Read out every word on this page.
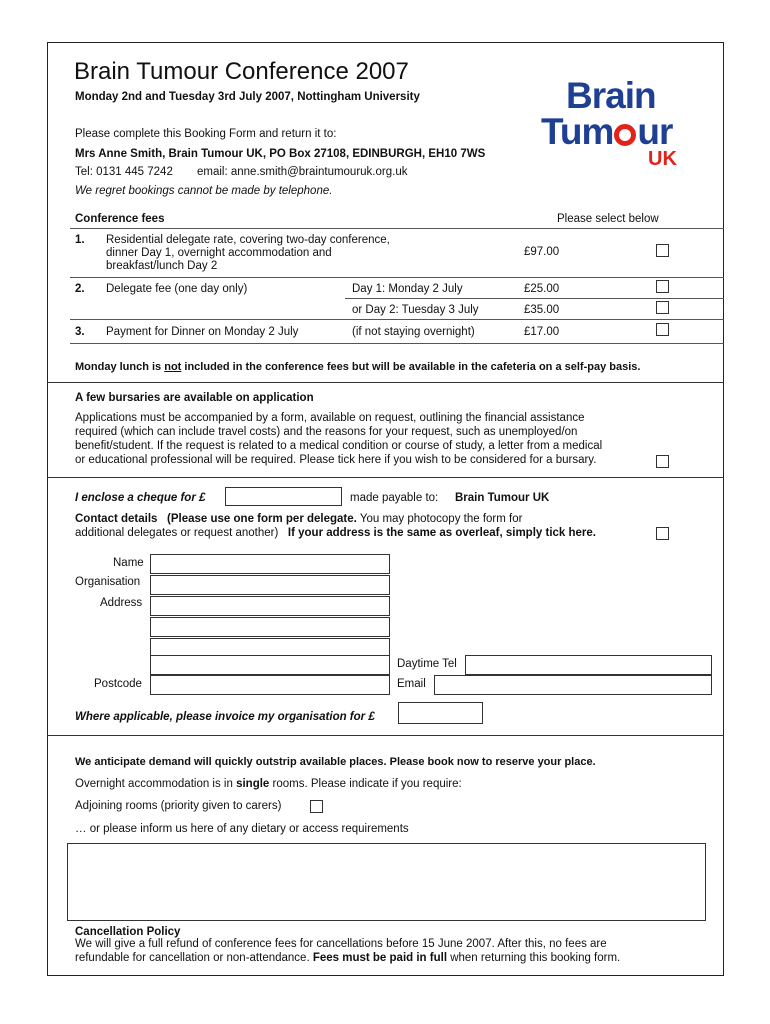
Brain Tumour Conference 2007
Monday 2nd and Tuesday 3rd July 2007, Nottingham University
Please complete this Booking Form and return it to:
Mrs Anne Smith, Brain Tumour UK, PO Box 27108, EDINBURGH, EH10 7WS
Tel: 0131 445 7242 email: anne.smith@braintumouruk.org.uk
We regret bookings cannot be made by telephone.
Brain
Tum ur
UK
Conference fees	Please select below
1. Residential delegate rate, covering two-day conference,
dinner Day 1, overnight accommodation and
breakfast/lunch Day 2
£97.00
2. Delegate fee (one day only)	Day 1: Monday 2 July	£25.00
or Day 2: Tuesday 3 July	£35.00
3. Payment for Dinner on Monday 2 July	(if not staying overnight)	£17.00
Monday lunch is not included in the conference fees but will be available in the cafeteria on a self-pay basis.
A few bursaries are available on application
Applications must be accompanied by a form, available on request, outlining the financial assistance
required (which can include travel costs) and the reasons for your request, such as unemployed/on
benefit/student. If the request is related to a medical condition or course of study, a letter from a medical
or educational professional will be required. Please tick here if you wish to be considered for a bursary.
I enclose a cheque for £	made payable to: Brain Tumour UK
Contact details (Please use one form per delegate. You may photocopy the form for
additional delegates or request another) If your address is the same as overleaf, simply tick here.
Name
Organisation
Address
Daytime Tel
Postcode	Email
Where applicable, please invoice my organisation for £
We anticipate demand will quickly outstrip available places. Please book now to reserve your place.
Overnight accommodation is in single rooms. Please indicate if you require:
Adjoining rooms (priority given to carers)
… or please inform us here of any dietary or access requirements
Cancellation Policy
We will give a full refund of conference fees for cancellations before 15 June 2007. After this, no fees are
refundable for cancellation or non-attendance. Fees must be paid in full when returning this booking form.
